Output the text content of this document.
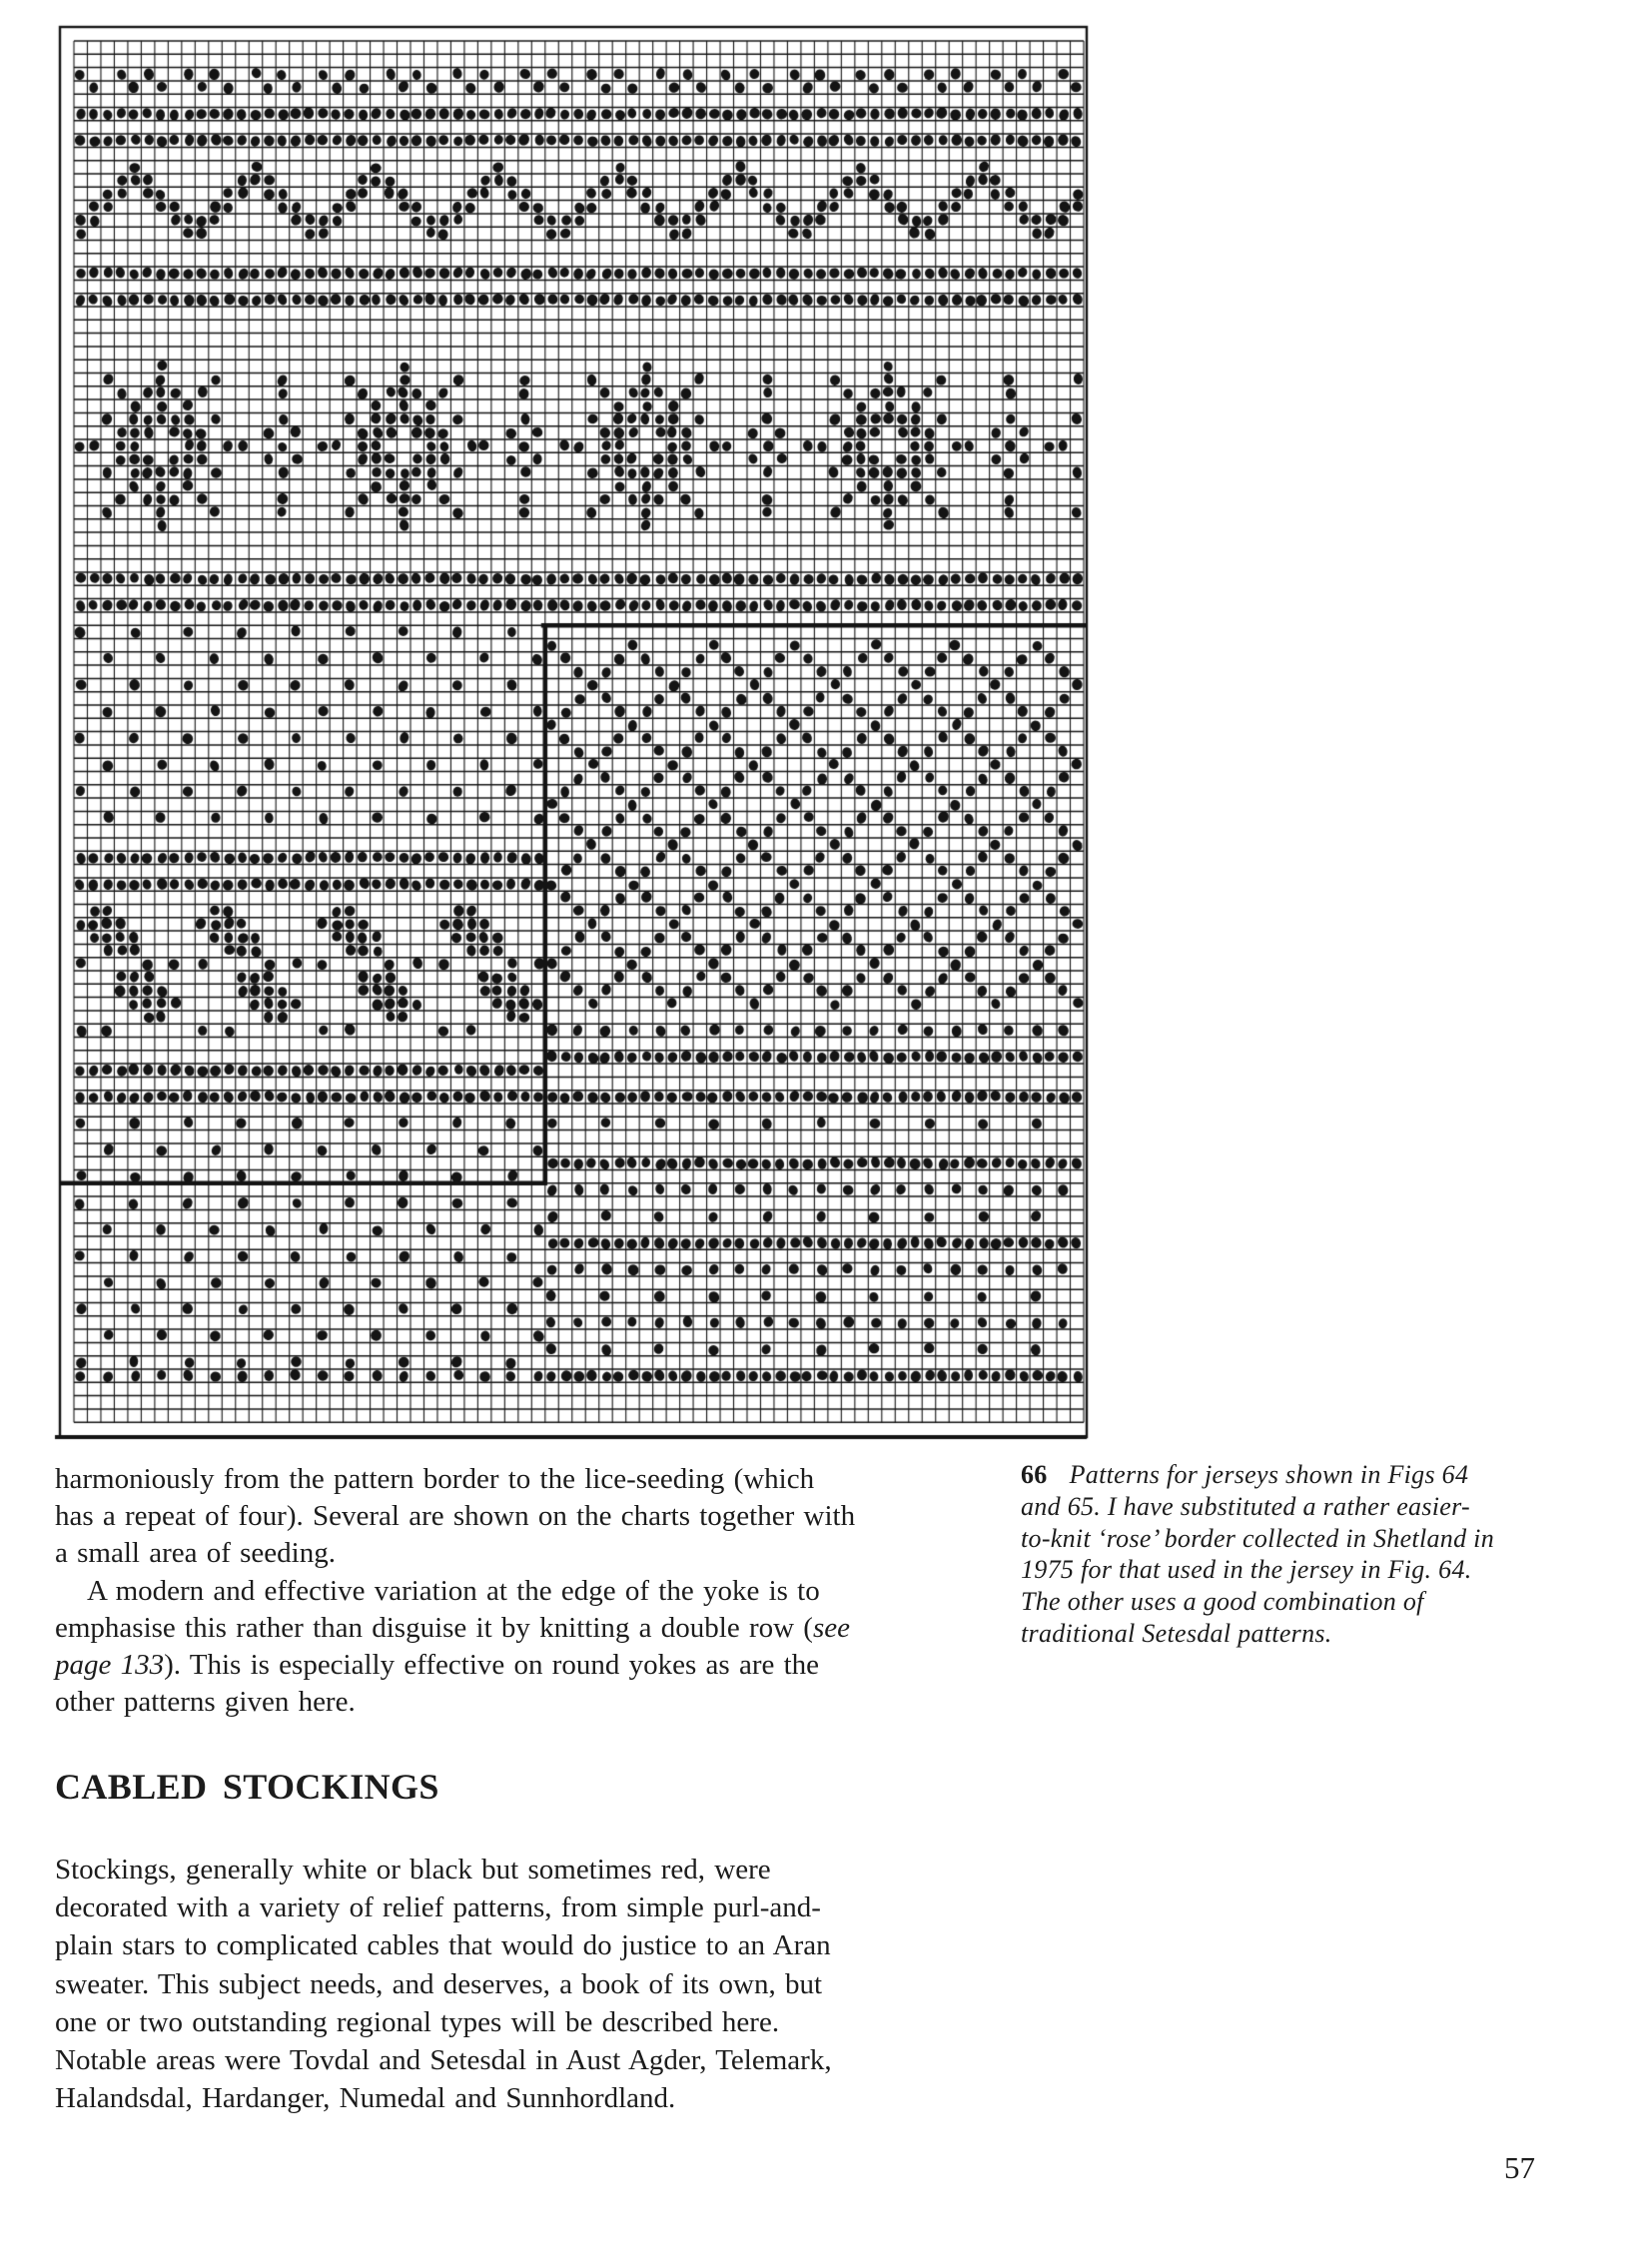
harmoniously from the pattern border to the lice-seeding (which
has a repeat of four). Several are shown on the charts together with
a small area of seeding.
A modern and effective variation at the edge of the yoke is to
emphasise this rather than disguise it by knitting a double row (see
page 133). This is especially effective on round yokes as are the
other patterns given here.
CABLED STOCKINGS
Stockings, generally white or black but sometimes red, were
decorated with a variety of relief patterns, from simple purl-and-
plain stars to complicated cables that would do justice to an Aran
sweater. This subject needs, and deserves, a book of its own, but
one or two outstanding regional types will be described here.
Notable areas were Tovdal and Setesdal in Aust Agder, Telemark,
Halandsdal, Hardanger, Numedal and Sunnhordland.
66 Patterns for jerseys shown in Figs 64
and 65. I have substituted a rather easier-
to-knit ‘rose’ border collected in Shetland in
1975 for that used in the jersey in Fig. 64.
The other uses a good combination of
traditional Setesdal patterns.
57
